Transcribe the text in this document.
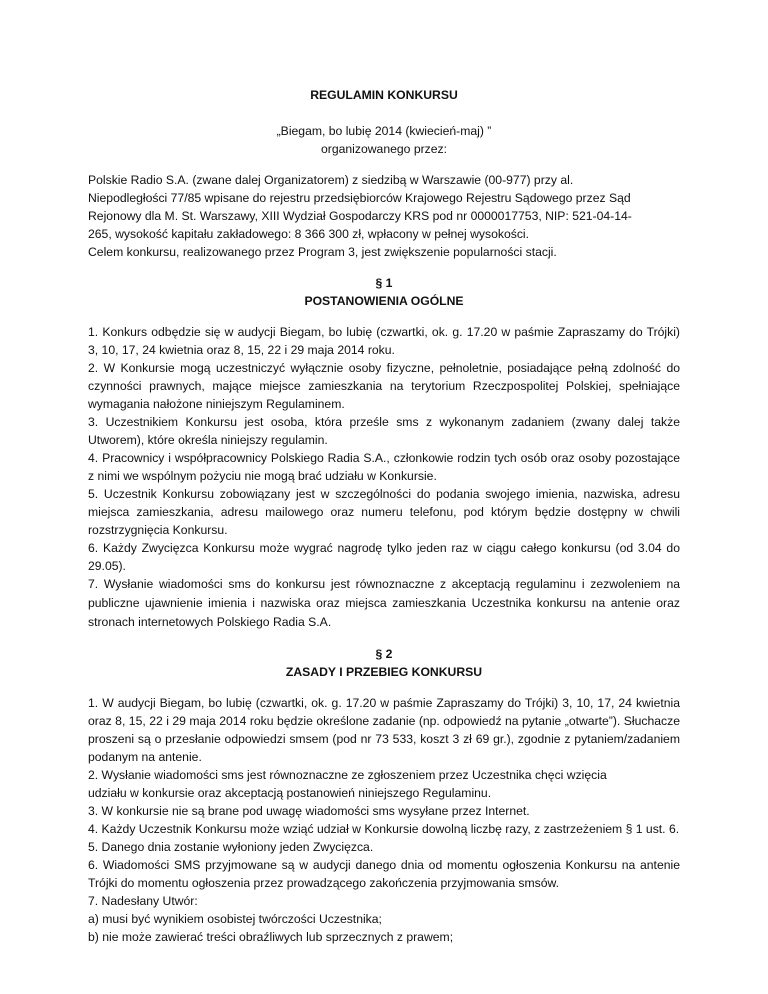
REGULAMIN KONKURSU
„Biegam, bo lubię 2014 (kwiecień-maj) ”
organizowanego przez:
Polskie Radio S.A. (zwane dalej Organizatorem) z siedzibą w Warszawie (00-977) przy al.
Niepodległości 77/85 wpisane do rejestru przedsiębiorców Krajowego Rejestru Sądowego przez Sąd
Rejonowy dla M. St. Warszawy, XIII Wydział Gospodarczy KRS pod nr 0000017753, NIP: 521-04-14-
265, wysokość kapitału zakładowego: 8 366 300 zł, wpłacony w pełnej wysokości.
Celem konkursu, realizowanego przez Program 3, jest zwiększenie popularności stacji.
§ 1
POSTANOWIENIA OGÓLNE

1. Konkurs odbędzie się w audycji Biegam, bo lubię (czwartki, ok. g. 17.20 w paśmie Zapraszamy do Trójki) 3, 10, 17, 24 kwietnia oraz 8, 15, 22 i 29 maja 2014 roku.

2. W Konkursie mogą uczestniczyć wyłącznie osoby fizyczne, pełnoletnie, posiadające pełną zdolność do czynności prawnych, mające miejsce zamieszkania na terytorium Rzeczpospolitej Polskiej, spełniające wymagania nałożone niniejszym Regulaminem.

3. Uczestnikiem Konkursu jest osoba, która prześle sms z wykonanym zadaniem (zwany dalej także Utworem), które określa niniejszy regulamin.

4. Pracownicy i współpracownicy Polskiego Radia S.A., członkowie rodzin tych osób oraz osoby pozostające z nimi we wspólnym pożyciu nie mogą brać udziału w Konkursie.

5. Uczestnik Konkursu zobowiązany jest w szczególności do podania swojego imienia, nazwiska, adresu miejsca zamieszkania, adresu mailowego oraz numeru telefonu, pod którym będzie dostępny w chwili rozstrzygnięcia Konkursu.

6. Każdy Zwycięzca Konkursu może wygrać nagrodę tylko jeden raz w ciągu całego konkursu (od 3.04 do 29.05).

7. Wysłanie wiadomości sms do konkursu jest równoznaczne z akceptacją regulaminu i zezwoleniem na publiczne ujawnienie imienia i nazwiska oraz miejsca zamieszkania Uczestnika konkursu na antenie oraz stronach internetowych Polskiego Radia S.A.

§ 2
ZASADY I PRZEBIEG KONKURSU

1. W audycji Biegam, bo lubię (czwartki, ok. g. 17.20 w paśmie Zapraszamy do Trójki) 3, 10, 17, 24 kwietnia oraz 8, 15, 22 i 29 maja 2014 roku będzie określone zadanie (np. odpowiedź na pytanie „otwarte”). Słuchacze proszeni są o przesłanie odpowiedzi smsem (pod nr 73 533, koszt 3 zł 69 gr.), zgodnie z pytaniem/zadaniem podanym na antenie.

2. Wysłanie wiadomości sms jest równoznaczne ze zgłoszeniem przez Uczestnika chęci wzięcia

udziału w konkursie oraz akceptacją postanowień niniejszego Regulaminu.

3. W konkursie nie są brane pod uwagę wiadomości sms wysyłane przez Internet.

4. Każdy Uczestnik Konkursu może wziąć udział w Konkursie dowolną liczbę razy, z zastrzeżeniem § 1 ust. 6.

5. Danego dnia zostanie wyłoniony jeden Zwycięzca.

6. Wiadomości SMS przyjmowane są w audycji danego dnia od momentu ogłoszenia Konkursu na antenie Trójki do momentu ogłoszenia przez prowadzącego zakończenia przyjmowania smsów.

7. Nadesłany Utwór:

a) musi być wynikiem osobistej twórczości Uczestnika;

b) nie może zawierać treści obraźliwych lub sprzecznych z prawem;
